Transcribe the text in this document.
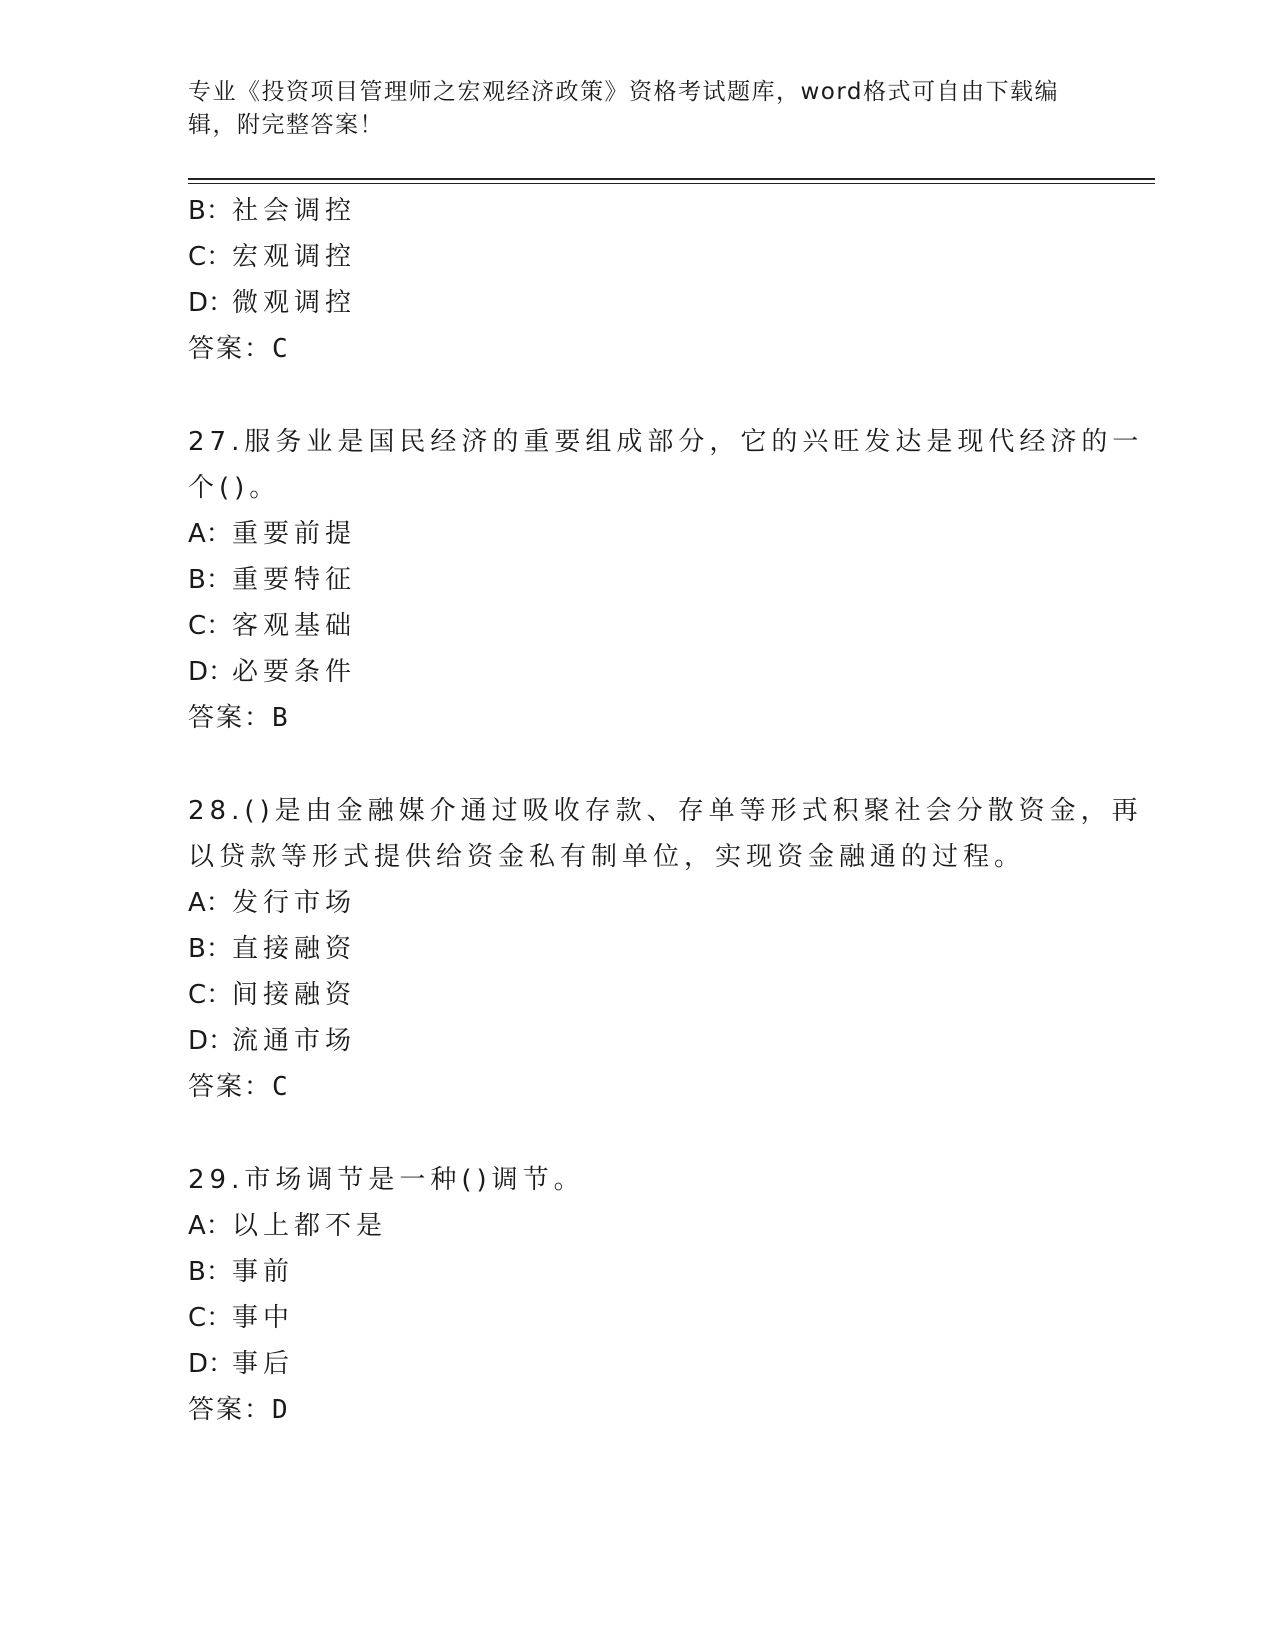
专业《投资项目管理师之宏观经济政策》资格考试题库，word格式可自由下载编
辑，附完整答案！

B：社会调控

C：宏观调控

D：微观调控

答案：C

27.服务业是国民经济的重要组成部分，它的兴旺发达是现代经济的一

个()。

A：重要前提

B：重要特征

C：客观基础

D：必要条件

答案：B

28.()是由金融媒介通过吸收存款、存单等形式积聚社会分散资金，再

以贷款等形式提供给资金私有制单位，实现资金融通的过程。

A：发行市场

B：直接融资

C：间接融资

D：流通市场

答案：C

29.市场调节是一种()调节。

A：以上都不是

B：事前

C：事中

D：事后

答案：D
